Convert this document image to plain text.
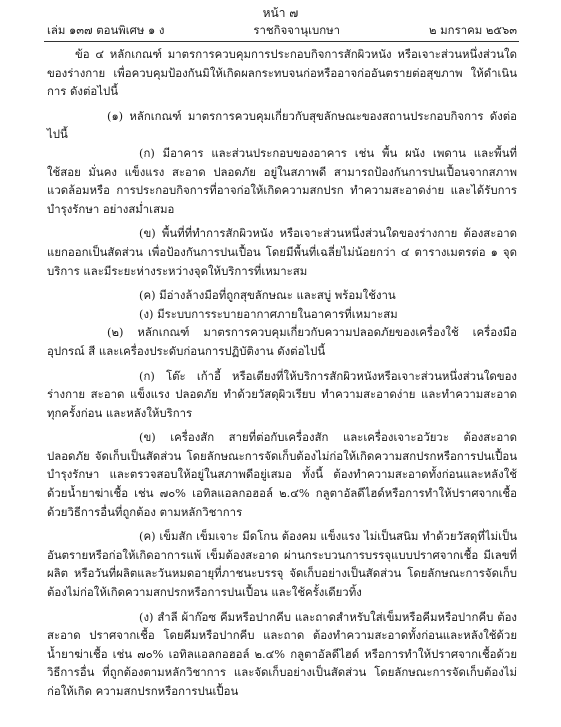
หน้า ๗
เล่ม ๑๓๗ ตอนพิเศษ ๑ ง	ราชกิจจานุเบกษา	๒ มกราคม ๒๕๖๓

ข้อ ๔ หลักเกณฑ์ มาตรการควบคุมการประกอบกิจการสักผิวหนัง หรือเจาะส่วนหนึ่งส่วนใด ของร่างกาย เพื่อควบคุมป้องกันมิให้เกิดผลกระทบจนก่อหรืออาจก่ออันตรายต่อสุขภาพ ให้ดำเนินการ ดังต่อไปนี้

(๑) หลักเกณฑ์ มาตรการควบคุมเกี่ยวกับสุขลักษณะของสถานประกอบกิจการ ดังต่อไปนี้

(ก) มีอาคาร และส่วนประกอบของอาคาร เช่น พื้น ผนัง เพดาน และพื้นที่ใช้สอย มั่นคง แข็งแรง สะอาด ปลอดภัย อยู่ในสภาพดี สามารถป้องกันการปนเปื้อนจากสภาพแวดล้อมหรือ การประกอบกิจการที่อาจก่อให้เกิดความสกปรก ทำความสะอาดง่าย และได้รับการบำรุงรักษา อย่างสม่ำเสมอ

(ข) พื้นที่ที่ทำการสักผิวหนัง หรือเจาะส่วนหนึ่งส่วนใดของร่างกาย ต้องสะอาด แยกออกเป็นสัดส่วน เพื่อป้องกันการปนเปื้อน โดยมีพื้นที่เฉลี่ยไม่น้อยกว่า ๔ ตารางเมตรต่อ ๑ จุดบริการ และมีระยะห่างระหว่างจุดให้บริการที่เหมาะสม

(ค) มีอ่างล้างมือที่ถูกสุขลักษณะ และสบู่ พร้อมใช้งาน

(ง) มีระบบการระบายอากาศภายในอาคารที่เหมาะสม

(๒) หลักเกณฑ์ มาตรการควบคุมเกี่ยวกับความปลอดภัยของเครื่องใช้ เครื่องมือ อุปกรณ์ สี และเครื่องประดับก่อนการปฏิบัติงาน ดังต่อไปนี้

(ก) โต๊ะ เก้าอี้ หรือเตียงที่ให้บริการสักผิวหนังหรือเจาะส่วนหนึ่งส่วนใดของร่างกาย สะอาด แข็งแรง ปลอดภัย ทำด้วยวัสดุผิวเรียบ ทำความสะอาดง่าย และทำความสะอาดทุกครั้งก่อน และหลังให้บริการ

(ข) เครื่องสัก สายที่ต่อกับเครื่องสัก และเครื่องเจาะอวัยวะ ต้องสะอาด ปลอดภัย จัดเก็บเป็นสัดส่วน โดยลักษณะการจัดเก็บต้องไม่ก่อให้เกิดความสกปรกหรือการปนเปื้อน บำรุงรักษา และตรวจสอบให้อยู่ในสภาพดีอยู่เสมอ ทั้งนี้ ต้องทำความสะอาดทั้งก่อนและหลังใช้ด้วยน้ำยาฆ่าเชื้อ เช่น ๗๐% เอทิลแอลกอฮอล์ ๒.๔% กลูตาอัลดีไฮด์หรือการทำให้ปราศจากเชื้อด้วยวิธีการอื่นที่ถูกต้อง ตามหลักวิชาการ

(ค) เข็มสัก เข็มเจาะ มีดโกน ต้องคม แข็งแรง ไม่เป็นสนิม ทำด้วยวัสดุที่ไม่เป็น อันตรายหรือก่อให้เกิดอาการแพ้ เข็มต้องสะอาด ผ่านกระบวนการบรรจุแบบปราศจากเชื้อ มีเลขที่ผลิต หรือวันที่ผลิตและวันหมดอายุที่ภาชนะบรรจุ จัดเก็บอย่างเป็นสัดส่วน โดยลักษณะการจัดเก็บ ต้องไม่ก่อให้เกิดความสกปรกหรือการปนเปื้อน และใช้ครั้งเดียวทิ้ง

(ง) สำลี ผ้าก๊อซ คีมหรือปากคีบ และถาดสำหรับใส่เข็มหรือคีมหรือปากคีบ ต้องสะอาด ปราศจากเชื้อ โดยคีมหรือปากคีบ และถาด ต้องทำความสะอาดทั้งก่อนและหลังใช้ด้วยน้ำยาฆ่าเชื้อ เช่น ๗๐% เอทิลแอลกอฮอล์ ๒.๔% กลูตาอัลดีไฮด์ หรือการทำให้ปราศจากเชื้อด้วยวิธีการอื่น ที่ถูกต้องตามหลักวิชาการ และจัดเก็บอย่างเป็นสัดส่วน โดยลักษณะการจัดเก็บต้องไม่ก่อให้เกิด ความสกปรกหรือการปนเปื้อน
